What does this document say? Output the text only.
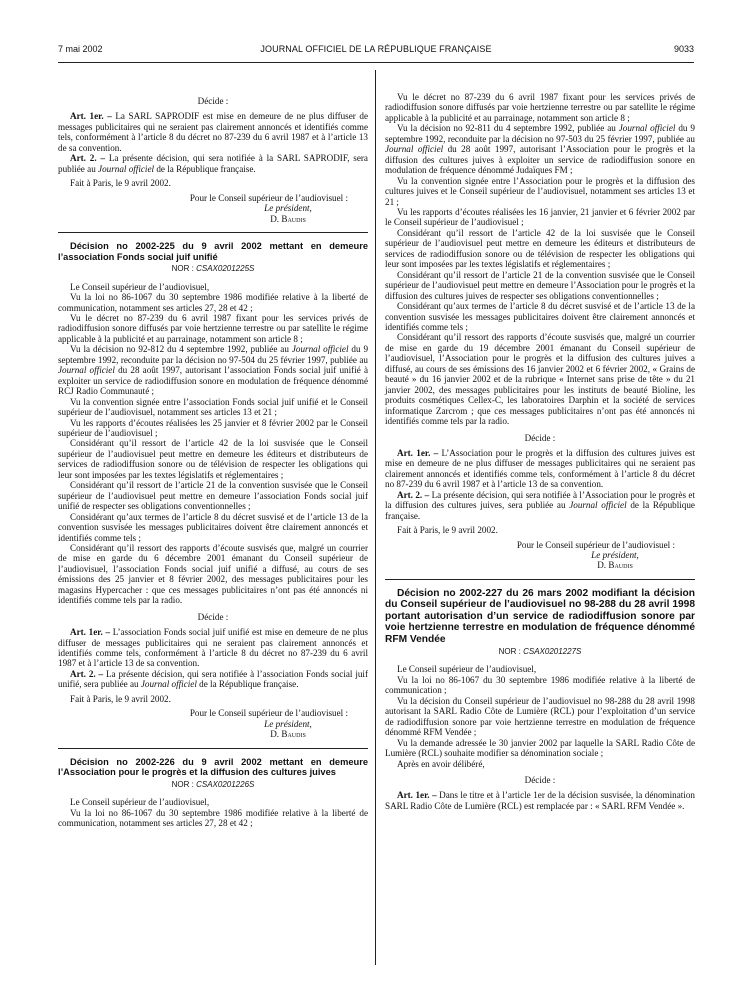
7 mai 2002	JOURNAL OFFICIEL DE LA RÉPUBLIQUE FRANÇAISE	9033
Décide :

Art. 1er. – La SARL SAPRODIF est mise en demeure de ne plus diffuser de messages publicitaires qui ne seraient pas clairement annoncés et identifiés comme tels, conformément à l’article 8 du décret no 87-239 du 6 avril 1987 et à l’article 13 de sa convention.

Art. 2. – La présente décision, qui sera notifiée à la SARL SAPRODIF, sera publiée au Journal officiel de la République française.

Fait à Paris, le 9 avril 2002.

Pour le Conseil supérieur de l’audiovisuel :
Le président,
D. Baudis

Décision no 2002-225 du 9 avril 2002 mettant en demeure l’association Fonds social juif unifié

NOR : CSAX0201225S

Le Conseil supérieur de l’audiovisuel,

Vu la loi no 86-1067 du 30 septembre 1986 modifiée relative à la liberté de communication, notamment ses articles 27, 28 et 42 ;

Vu le décret no 87-239 du 6 avril 1987 fixant pour les services privés de radiodiffusion sonore diffusés par voie hertzienne terrestre ou par satellite le régime applicable à la publicité et au parrainage, notamment son article 8 ;

Vu la décision no 92-812 du 4 septembre 1992, publiée au Journal officiel du 9 septembre 1992, reconduite par la décision no 97-504 du 25 février 1997, publiée au Journal officiel du 28 août 1997, autorisant l’association Fonds social juif unifié à exploiter un service de radiodiffusion sonore en modulation de fréquence dénommé RCJ Radio Communauté ;

Vu la convention signée entre l’association Fonds social juif unifié et le Conseil supérieur de l’audiovisuel, notamment ses articles 13 et 21 ;

Vu les rapports d’écoutes réalisées les 25 janvier et 8 février 2002 par le Conseil supérieur de l’audiovisuel ;

Considérant qu’il ressort de l’article 42 de la loi susvisée que le Conseil supérieur de l’audiovisuel peut mettre en demeure les éditeurs et distributeurs de services de radiodiffusion sonore ou de télévision de respecter les obligations qui leur sont imposées par les textes législatifs et réglementaires ;

Considérant qu’il ressort de l’article 21 de la convention susvisée que le Conseil supérieur de l’audiovisuel peut mettre en demeure l’association Fonds social juif unifié de respecter ses obligations conventionnelles ;

Considérant qu’aux termes de l’article 8 du décret susvisé et de l’article 13 de la convention susvisée les messages publicitaires doivent être clairement annoncés et identifiés comme tels ;

Considérant qu’il ressort des rapports d’écoute susvisés que, malgré un courrier de mise en garde du 6 décembre 2001 émanant du Conseil supérieur de l’audiovisuel, l’association Fonds social juif unifié a diffusé, au cours de ses émissions des 25 janvier et 8 février 2002, des messages publicitaires pour les magasins Hypercacher : que ces messages publicitaires n’ont pas été annoncés ni identifiés comme tels par la radio.

Décide :

Art. 1er. – L’association Fonds social juif unifié est mise en demeure de ne plus diffuser de messages publicitaires qui ne seraient pas clairement annoncés et identifiés comme tels, conformément à l’article 8 du décret no 87-239 du 6 avril 1987 et à l’article 13 de sa convention.

Art. 2. – La présente décision, qui sera notifiée à l’association Fonds social juif unifié, sera publiée au Journal officiel de la République française.

Fait à Paris, le 9 avril 2002.

Pour le Conseil supérieur de l’audiovisuel :
Le président,
D. Baudis

Décision no 2002-226 du 9 avril 2002 mettant en demeure l’Association pour le progrès et la diffusion des cultures juives

NOR : CSAX0201226S

Le Conseil supérieur de l’audiovisuel,

Vu la loi no 86-1067 du 30 septembre 1986 modifiée relative à la liberté de communication, notamment ses articles 27, 28 et 42 ;

Vu le décret no 87-239 du 6 avril 1987 fixant pour les services privés de radiodiffusion sonore diffusés par voie hertzienne terrestre ou par satellite le régime applicable à la publicité et au parrainage, notamment son article 8 ;

Vu la décision no 92-811 du 4 septembre 1992, publiée au Journal officiel du 9 septembre 1992, reconduite par la décision no 97-503 du 25 février 1997, publiée au Journal officiel du 28 août 1997, autorisant l’Association pour le progrès et la diffusion des cultures juives à exploiter un service de radiodiffusion sonore en modulation de fréquence dénommé Judaïques FM ;

Vu la convention signée entre l’Association pour le progrès et la diffusion des cultures juives et le Conseil supérieur de l’audiovisuel, notamment ses articles 13 et 21 ;

Vu les rapports d’écoutes réalisées les 16 janvier, 21 janvier et 6 février 2002 par le Conseil supérieur de l’audiovisuel ;

Considérant qu’il ressort de l’article 42 de la loi susvisée que le Conseil supérieur de l’audiovisuel peut mettre en demeure les éditeurs et distributeurs de services de radiodiffusion sonore ou de télévision de respecter les obligations qui leur sont imposées par les textes législatifs et réglementaires ;

Considérant qu’il ressort de l’article 21 de la convention susvisée que le Conseil supérieur de l’audiovisuel peut mettre en demeure l’Association pour le progrès et la diffusion des cultures juives de respecter ses obligations conventionnelles ;

Considérant qu’aux termes de l’article 8 du décret susvisé et de l’article 13 de la convention susvisée les messages publicitaires doivent être clairement annoncés et identifiés comme tels ;

Considérant qu’il ressort des rapports d’écoute susvisés que, malgré un courrier de mise en garde du 19 décembre 2001 émanant du Conseil supérieur de l’audiovisuel, l’Association pour le progrès et la diffusion des cultures juives a diffusé, au cours de ses émissions des 16 janvier 2002 et 6 février 2002, « Grains de beauté » du 16 janvier 2002 et de la rubrique « Internet sans prise de tête » du 21 janvier 2002, des messages publicitaires pour les instituts de beauté Bioline, les produits cosmétiques Cellex-C, les laboratoires Darphin et la société de services informatique Zarcrom ; que ces messages publicitaires n’ont pas été annoncés ni identifiés comme tels par la radio.

Décide :

Art. 1er. – L’Association pour le progrès et la diffusion des cultures juives est mise en demeure de ne plus diffuser de messages publicitaires qui ne seraient pas clairement annoncés et identifiés comme tels, conformément à l’article 8 du décret no 87-239 du 6 avril 1987 et à l’article 13 de sa convention.

Art. 2. – La présente décision, qui sera notifiée à l’Association pour le progrès et la diffusion des cultures juives, sera publiée au Journal officiel de la République française.

Fait à Paris, le 9 avril 2002.

Pour le Conseil supérieur de l’audiovisuel :
Le président,
D. Baudis

Décision no 2002-227 du 26 mars 2002 modifiant la décision du Conseil supérieur de l’audiovisuel no 98-288 du 28 avril 1998 portant autorisation d’un service de radiodiffusion sonore par voie hertzienne terrestre en modulation de fréquence dénommé RFM Vendée

NOR : CSAX0201227S

Le Conseil supérieur de l’audiovisuel,

Vu la loi no 86-1067 du 30 septembre 1986 modifiée relative à la liberté de communication ;

Vu la décision du Conseil supérieur de l’audiovisuel no 98-288 du 28 avril 1998 autorisant la SARL Radio Côte de Lumière (RCL) pour l’exploitation d’un service de radiodiffusion sonore par voie hertzienne terrestre en modulation de fréquence dénommé RFM Vendée ;

Vu la demande adressée le 30 janvier 2002 par laquelle la SARL Radio Côte de Lumière (RCL) souhaite modifier sa dénomination sociale ;

Après en avoir délibéré,

Décide :

Art. 1er. – Dans le titre et à l’article 1er de la décision susvisée, la dénomination SARL Radio Côte de Lumière (RCL) est remplacée par : « SARL RFM Vendée ».
